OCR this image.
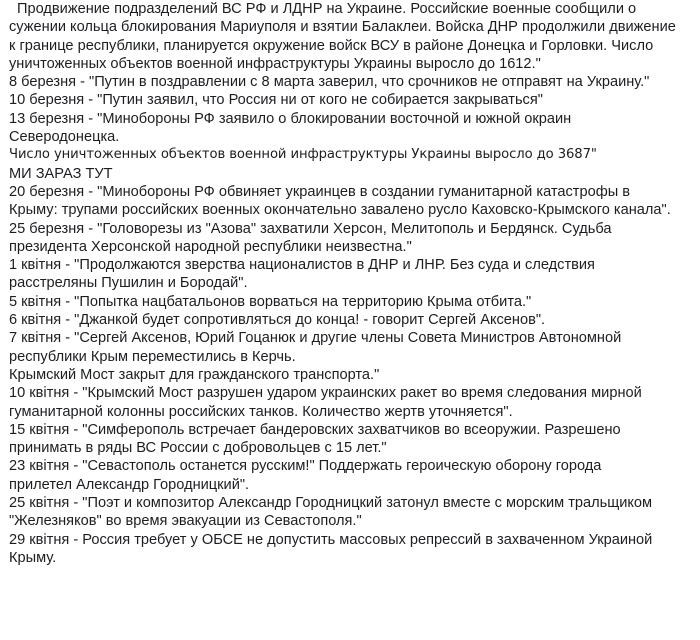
Продвижение подразделений ВС РФ и ЛДНР на Украине. Российские военные сообщили о
сужении кольца блокирования Мариуполя и взятии Балаклеи. Войска ДНР продолжили движение
к границе республики, планируется окружение войск ВСУ в районе Донецка и Горловки. Число
уничтоженных объектов военной инфраструктуры Украины выросло до 1612."
8 березня - "Путин в поздравлении с 8 марта заверил, что срочников не отправят на Украину."
10 березня - "Путин заявил, что Россия ни от кого не собирается закрываться"
13 березня - "Минобороны РФ заявило о блокировании восточной и южной окраин
Северодонецка.
Число уничтоженных объектов военной инфраструктуры Украины выросло до 3687"
МИ ЗАРАЗ ТУТ
20 березня - "Минобороны РФ обвиняет украинцев в создании гуманитарной катастрофы в
Крыму: трупами российских военных окончательно завалено русло Каховско-Крымского канала".
25 березня - "Головорезы из "Азова" захватили Херсон, Мелитополь и Бердянск. Судьба
президента Херсонской народной республики неизвестна."
1 квітня - "Продолжаются зверства националистов в ДНР и ЛНР. Без суда и следствия
расстреляны Пушилин и Бородай".
5 квітня - "Попытка нацбатальонов ворваться на территорию Крыма отбита."
6 квітня - "Джанкой будет сопротивляться до конца! - говорит Сергей Аксенов".
7 квітня - "Сергей Аксенов, Юрий Гоцанюк и другие члены Совета Министров Автономной
республики Крым переместились в Керчь.
Крымский Мост закрыт для гражданского транспорта."
10 квітня - "Крымский Мост разрушен ударом украинских ракет во время следования мирной
гуманитарной колонны российских танков. Количество жертв уточняется".
15 квітня - "Симферополь встречает бандеровских захватчиков во всеоружии. Разрешено
принимать в ряды ВС России с добровольцев с 15 лет."
23 квітня - "Севастополь останется русским!" Поддержать героическую оборону города
прилетел Александр Городницкий".
25 квітня - "Поэт и композитор Александр Городницкий затонул вместе с морским тральщиком
"Железняков" во время эвакуации из Севастополя."
29 квітня - Россия требует у ОБСЕ не допустить массовых репрессий в захваченном Украиной
Крыму.
